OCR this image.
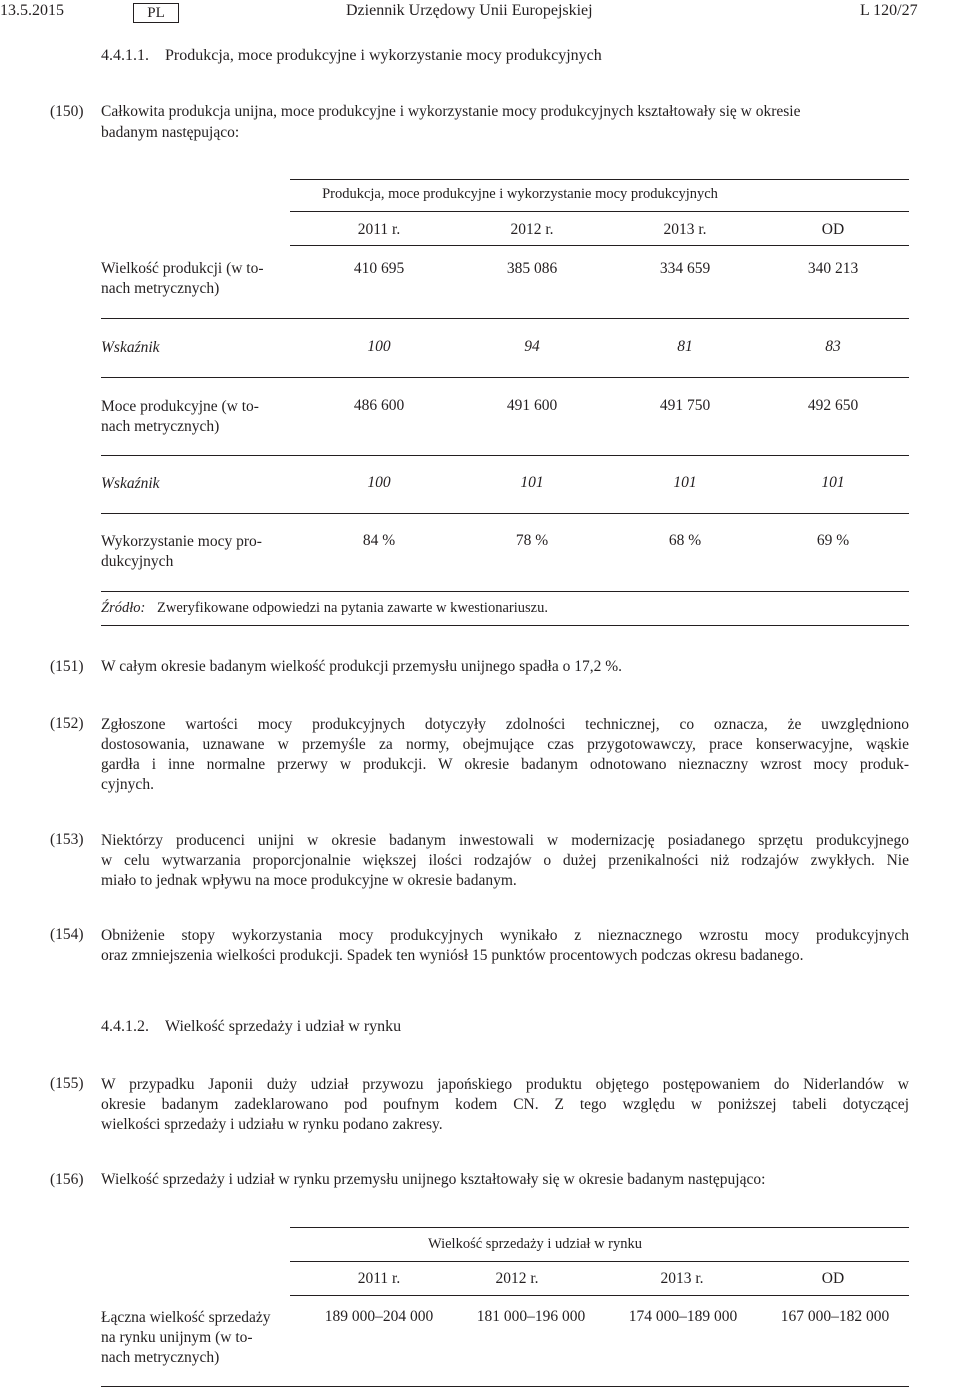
13.5.2015	PL	Dziennik Urzędowy Unii Europejskiej	L 120/27
4.4.1.1. Produkcja, moce produkcyjne i wykorzystanie mocy produkcyjnych
(150) Całkowita produkcja unijna, moce produkcyjne i wykorzystanie mocy produkcyjnych kształtowały się w okresie
badanym następująco:
Produkcja, moce produkcyjne i wykorzystanie mocy produkcyjnych
2011 r.	2012 r.	2013 r.	OD
Wielkość produkcji (w to-
nach metrycznych)
410 695	385 086	334 659	340 213
Wskaźnik	100	94	81	83
Moce produkcyjne (w to-
nach metrycznych)
486 600	491 600	491 750	492 650
Wskaźnik	100	101	101	101
Wykorzystanie mocy pro-
dukcyjnych
84 %	78 %	68 %	69 %
Źródło: Zweryfikowane odpowiedzi na pytania zawarte w kwestionariuszu.
(151) W całym okresie badanym wielkość produkcji przemysłu unijnego spadła o 17,2 %.
(152) Zgłoszone wartości mocy produkcyjnych dotyczyły zdolności technicznej, co oznacza, że uwzględniono
dostosowania, uznawane w przemyśle za normy, obejmujące czas przygotowawczy, prace konserwacyjne, wąskie
gardła i inne normalne przerwy w produkcji. W okresie badanym odnotowano nieznaczny wzrost mocy produk-
cyjnych.
(153) Niektórzy producenci unijni w okresie badanym inwestowali w modernizację posiadanego sprzętu produkcyjnego
w celu wytwarzania proporcjonalnie większej ilości rodzajów o dużej przenikalności niż rodzajów zwykłych. Nie
miało to jednak wpływu na moce produkcyjne w okresie badanym.
(154) Obniżenie stopy wykorzystania mocy produkcyjnych wynikało z nieznacznego wzrostu mocy produkcyjnych
oraz zmniejszenia wielkości produkcji. Spadek ten wyniósł 15 punktów procentowych podczas okresu badanego.
4.4.1.2. Wielkość sprzedaży i udział w rynku
(155) W przypadku Japonii duży udział przywozu japońskiego produktu objętego postępowaniem do Niderlandów w
okresie badanym zadeklarowano pod poufnym kodem CN. Z tego względu w poniższej tabeli dotyczącej
wielkości sprzedaży i udziału w rynku podano zakresy.
(156) Wielkość sprzedaży i udział w rynku przemysłu unijnego kształtowały się w okresie badanym następująco:
Wielkość sprzedaży i udział w rynku
2011 r.	2012 r.	2013 r.	OD
Łączna wielkość sprzedaży
na rynku unijnym (w to-
nach metrycznych)
189 000–204 000	181 000–196 000	174 000–189 000	167 000–182 000
